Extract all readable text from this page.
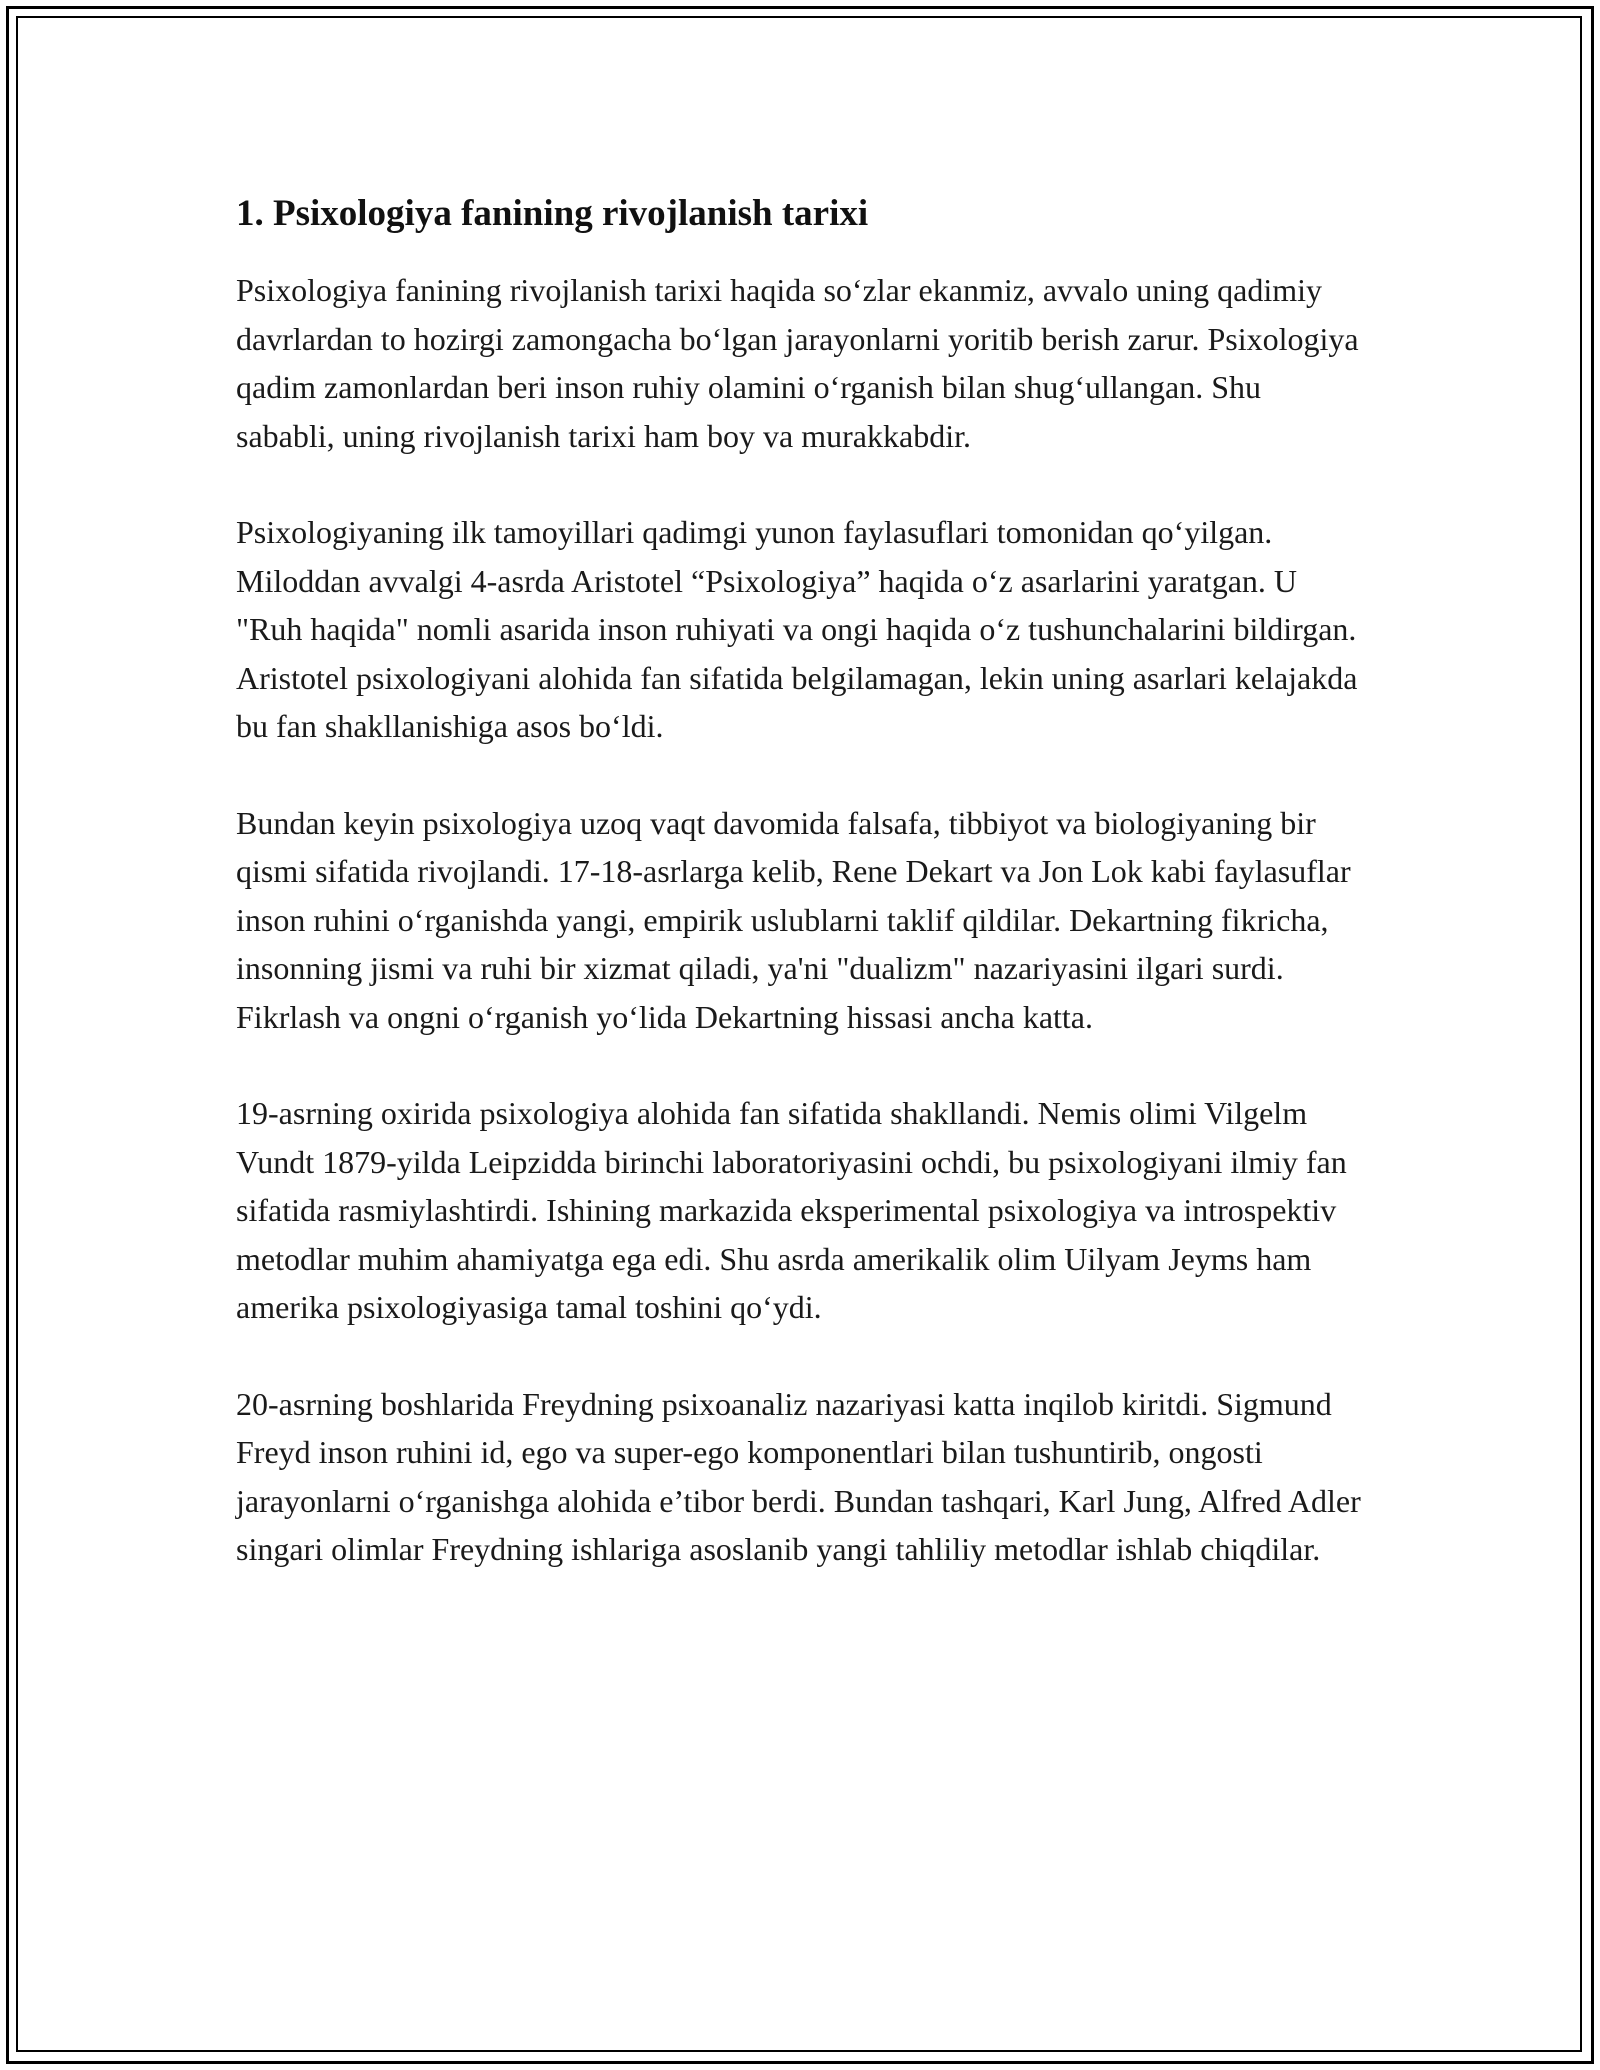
1. Psixologiya fanining rivojlanish tarixi

Psixologiya fanining rivojlanish tarixi haqida so‘zlar ekanmiz, avvalo uning qadimiy davrlardan to hozirgi zamongacha bo‘lgan jarayonlarni yoritib berish zarur. Psixologiya qadim zamonlardan beri inson ruhiy olamini o‘rganish bilan shug‘ullangan. Shu sababli, uning rivojlanish tarixi ham boy va murakkabdir.

Psixologiyaning ilk tamoyillari qadimgi yunon faylasuflari tomonidan qo‘yilgan. Miloddan avvalgi 4-asrda Aristotel “Psixologiya” haqida o‘z asarlarini yaratgan. U "Ruh haqida" nomli asarida inson ruhiyati va ongi haqida o‘z tushunchalarini bildirgan. Aristotel psixologiyani alohida fan sifatida belgilamagan, lekin uning asarlari kelajakda bu fan shakllanishiga asos bo‘ldi.

Bundan keyin psixologiya uzoq vaqt davomida falsafa, tibbiyot va biologiyaning bir qismi sifatida rivojlandi. 17-18-asrlarga kelib, Rene Dekart va Jon Lok kabi faylasuflar inson ruhini o‘rganishda yangi, empirik uslublarni taklif qildilar. Dekartning fikricha, insonning jismi va ruhi bir xizmat qiladi, ya'ni "dualizm" nazariyasini ilgari surdi. Fikrlash va ongni o‘rganish yo‘lida Dekartning hissasi ancha katta.

19-asrning oxirida psixologiya alohida fan sifatida shakllandi. Nemis olimi Vilgelm Vundt 1879-yilda Leipzidda birinchi laboratoriyasini ochdi, bu psixologiyani ilmiy fan sifatida rasmiylashtirdi. Ishining markazida eksperimental psixologiya va introspektiv metodlar muhim ahamiyatga ega edi. Shu asrda amerikalik olim Uilyam Jeyms ham amerika psixologiyasiga tamal toshini qo‘ydi.

20-asrning boshlarida Freydning psixoanaliz nazariyasi katta inqilob kiritdi. Sigmund Freyd inson ruhini id, ego va super-ego komponentlari bilan tushuntirib, ongosti jarayonlarni o‘rganishga alohida e’tibor berdi. Bundan tashqari, Karl Jung, Alfred Adler singari olimlar Freydning ishlariga asoslanib yangi tahliliy metodlar ishlab chiqdilar.
